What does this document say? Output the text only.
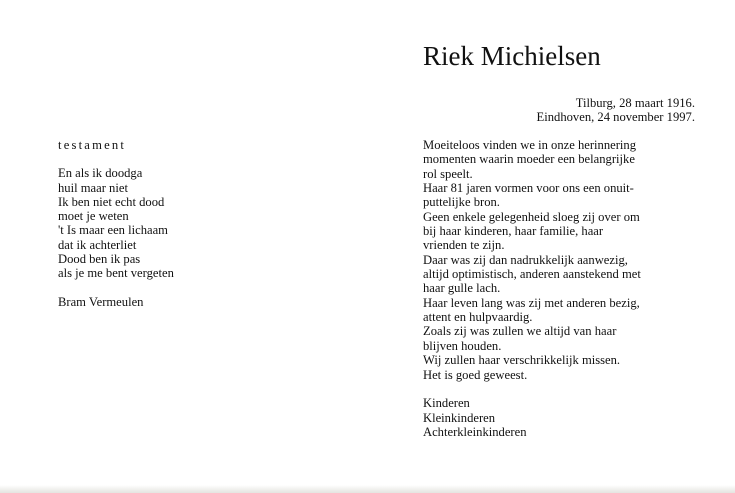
testament
En als ik doodga
huil maar niet
Ik ben niet echt dood
moet je weten
't Is maar een lichaam
dat ik achterliet
Dood ben ik pas
als je me bent vergeten
Bram Vermeulen
Riek Michielsen
Tilburg, 28 maart 1916.
Eindhoven, 24 november 1997.
Moeiteloos vinden we in onze herinnering
momenten waarin moeder een belangrijke
rol speelt.
Haar 81 jaren vormen voor ons een onuit-
puttelijke bron.
Geen enkele gelegenheid sloeg zij over om
bij haar kinderen, haar familie, haar
vrienden te zijn.
Daar was zij dan nadrukkelijk aanwezig,
altijd optimistisch, anderen aanstekend met
haar gulle lach.
Haar leven lang was zij met anderen bezig,
attent en hulpvaardig.
Zoals zij was zullen we altijd van haar
blijven houden.
Wij zullen haar verschrikkelijk missen.
Het is goed geweest.
Kinderen
Kleinkinderen
Achterkleinkinderen
